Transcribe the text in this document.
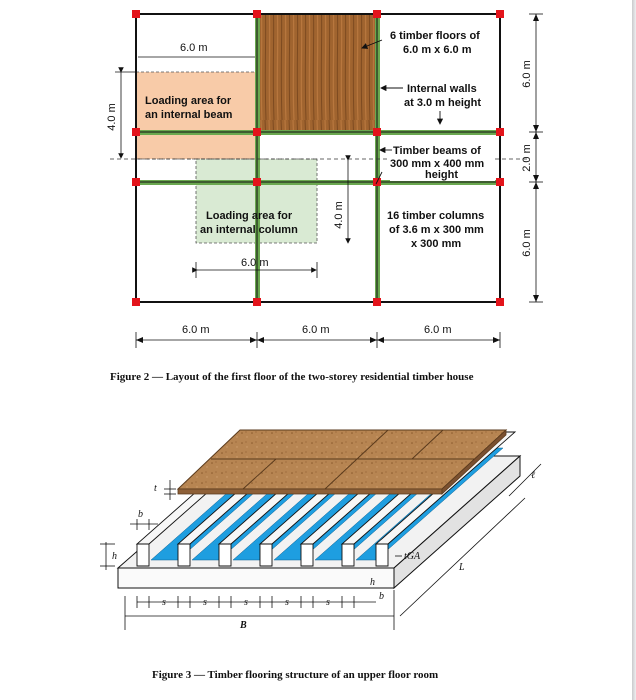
6.0 m
Loading area for
an internal beam
4.0 m
Loading area for
an internal column
4.0 m
6.0 m
6 timber floors of
6.0 m x 6.0 m
Internal walls
at 3.0 m height
Timber beams of
300 mm x 400 mm
height
16 timber columns
of 3.6 m x 300 mm
x 300 mm
6.0 m
2.0 m
6.0 m
6.0 m	6.0 m	6.0 m
Figure 2 — Layout of the first floor of the two-storey residential timber house
t
b
h	tGA
L
ℓ
h
b
s	s	s	s	s
B
Figure 3 — Timber flooring structure of an upper floor room
